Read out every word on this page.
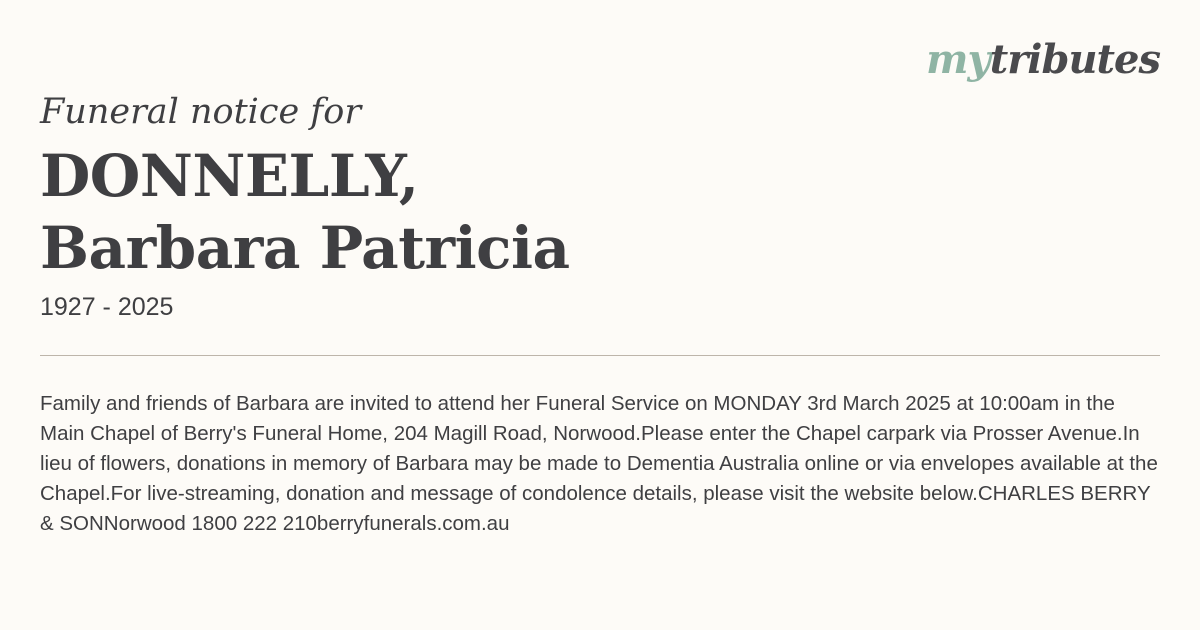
mytributes
Funeral notice for
DONNELLY,
Barbara Patricia
1927 - 2025

Family and friends of Barbara are invited to attend her Funeral Service on MONDAY 3rd March 2025 at 10:00am in the Main Chapel of Berry's Funeral Home, 204 Magill Road, Norwood.Please enter the Chapel carpark via Prosser Avenue.In lieu of flowers, donations in memory of Barbara may be made to Dementia Australia online or via envelopes available at the Chapel.For live-streaming, donation and message of condolence details, please visit the website below.CHARLES BERRY & SONNorwood 1800 222 210berryfunerals.com.au
